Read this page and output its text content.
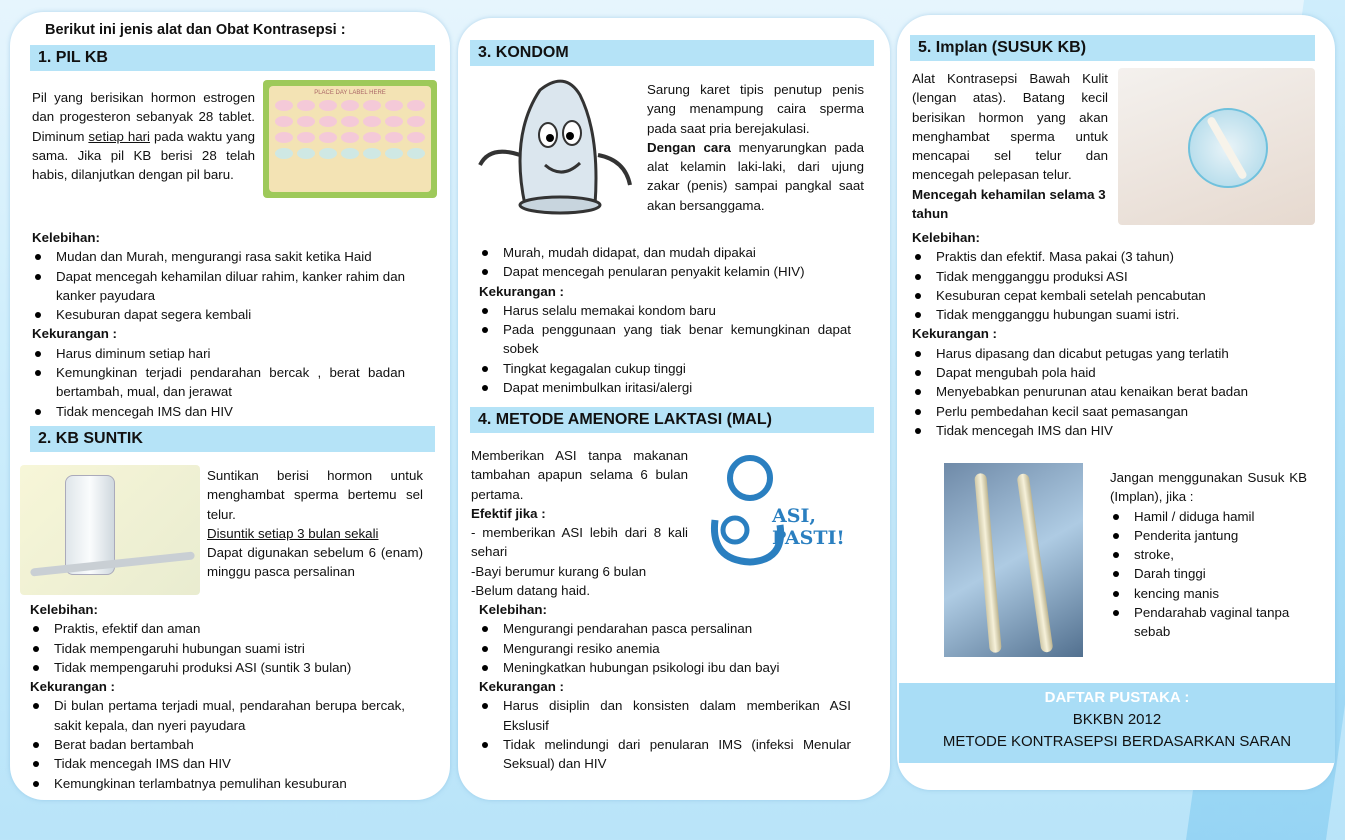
Berikut ini jenis alat dan Obat Kontrasepsi :
1. PIL KB
PLACE DAY LABEL HERE
Pil yang berisikan hormon estrogen dan progesteron sebanyak 28 tablet. Diminum setiap hari pada waktu yang sama. Jika pil KB berisi 28 telah habis, dilanjutkan dengan pil baru.
Kelebihan:
Mudan dan Murah, mengurangi rasa sakit ketika Haid
Dapat mencegah kehamilan diluar rahim, kanker rahim dan kanker payudara
Kesuburan dapat segera kembali
Kekurangan :
Harus diminum setiap hari
Kemungkinan terjadi pendarahan bercak , berat badan bertambah, mual, dan jerawat
Tidak mencegah IMS dan HIV
2. KB SUNTIK
Suntikan berisi hormon untuk menghambat sperma bertemu sel telur.
Disuntik setiap 3 bulan sekali
Dapat digunakan sebelum 6 (enam) minggu pasca persalinan
Kelebihan:
Praktis, efektif dan aman
Tidak mempengaruhi hubungan suami istri
Tidak mempengaruhi produksi ASI (suntik 3 bulan)
Kekurangan :
Di bulan pertama terjadi mual, pendarahan berupa bercak, sakit kepala, dan nyeri payudara
Berat badan bertambah
Tidak mencegah IMS dan HIV
Kemungkinan terlambatnya pemulihan kesuburan
3. KONDOM
Sarung karet tipis penutup penis yang menampung caira sperma pada saat pria berejakulasi.
Dengan cara menyarungkan pada alat kelamin laki-laki, dari ujung zakar (penis) sampai pangkal saat akan bersanggama.
Murah, mudah didapat, dan mudah dipakai
Dapat mencegah penularan penyakit kelamin (HIV)
Kekurangan :
Harus selalu memakai kondom baru
Pada penggunaan yang tiak benar kemungkinan dapat sobek
Tingkat kegagalan cukup tinggi
Dapat menimbulkan iritasi/alergi
4. METODE AMENORE LAKTASI (MAL)
Memberikan ASI tanpa makanan tambahan apapun selama 6 bulan pertama.
Efektif jika :
- memberikan ASI lebih dari 8 kali sehari
-Bayi berumur kurang 6 bulan
-Belum datang haid.
ASI, PASTI!
Kelebihan:
Mengurangi pendarahan pasca persalinan
Mengurangi resiko anemia
Meningkatkan hubungan psikologi ibu dan bayi
Kekurangan :
Harus disiplin dan konsisten dalam memberikan ASI Ekslusif
Tidak melindungi dari penularan IMS (infeksi Menular Seksual) dan HIV
5. Implan (SUSUK KB)
Alat Kontrasepsi Bawah Kulit (lengan atas). Batang kecil berisikan hormon yang akan menghambat sperma untuk mencapai sel telur dan mencegah pelepasan telur.

Mencegah kehamilan selama 3 tahun
Kelebihan:
Praktis dan efektif. Masa pakai (3 tahun)
Tidak mengganggu produksi ASI
Kesuburan cepat kembali setelah pencabutan
Tidak mengganggu hubungan suami istri.
Kekurangan :
Harus dipasang dan dicabut petugas yang terlatih
Dapat mengubah pola haid
Menyebabkan penurunan atau kenaikan berat badan
Perlu pembedahan kecil saat pemasangan
Tidak mencegah IMS dan HIV
Jangan menggunakan Susuk KB (Implan), jika :
Hamil / diduga hamil
Penderita jantung
stroke,
Darah tinggi
kencing manis
Pendarahab vaginal tanpa sebab
DAFTAR PUSTAKA :
BKKBN 2012
METODE KONTRASEPSI BERDASARKAN SARAN
